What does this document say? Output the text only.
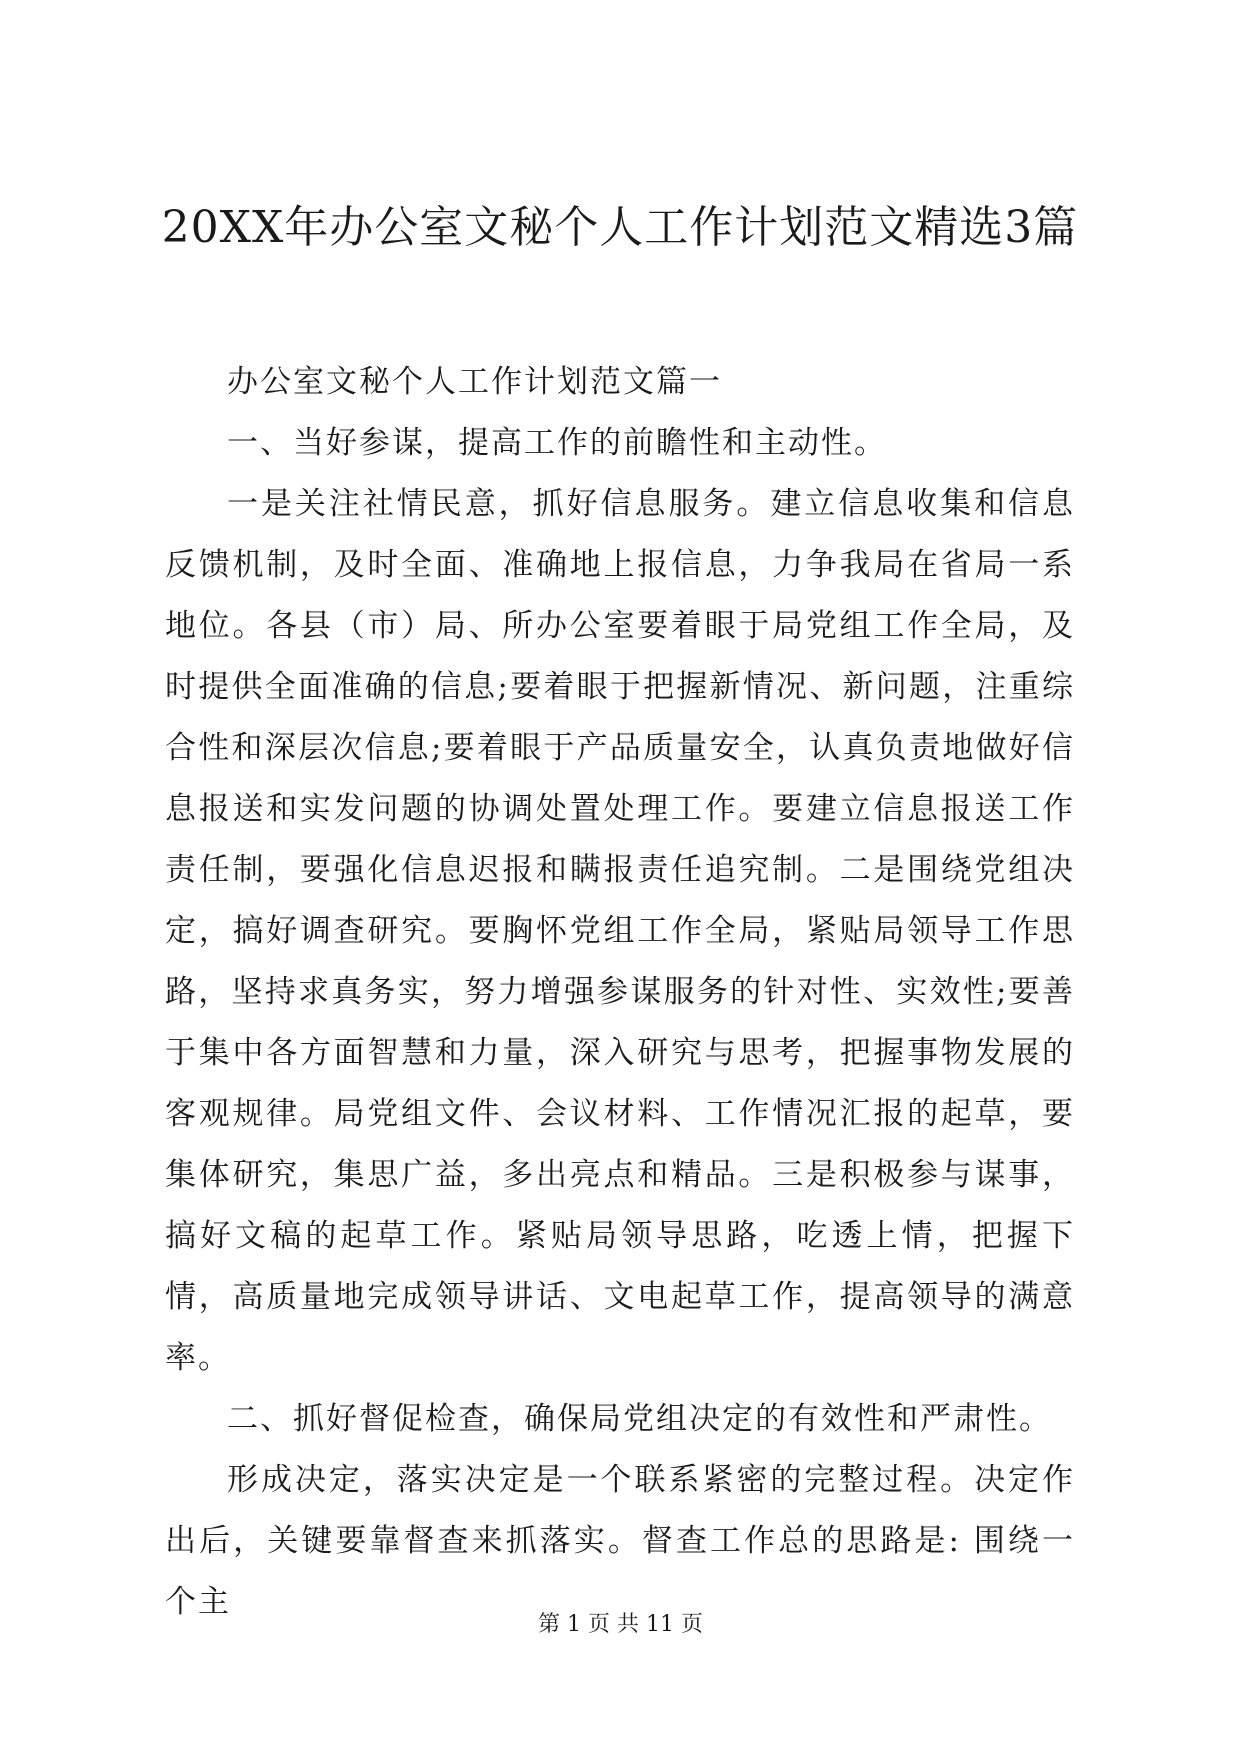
20XX年办公室文秘个人工作计划范文精选3篇

办公室文秘个人工作计划范文篇一

一、当好参谋，提高工作的前瞻性和主动性。

一是关注社情民意，抓好信息服务。建立信息收集和信息反馈机制，及时全面、准确地上报信息，力争我局在省局一系地位。各县（市）局、所办公室要着眼于局党组工作全局，及时提供全面准确的信息;要着眼于把握新情况、新问题，注重综合性和深层次信息;要着眼于产品质量安全，认真负责地做好信息报送和实发问题的协调处置处理工作。要建立信息报送工作责任制，要强化信息迟报和瞒报责任追究制。二是围绕党组决定，搞好调查研究。要胸怀党组工作全局，紧贴局领导工作思路，坚持求真务实，努力增强参谋服务的针对性、实效性;要善于集中各方面智慧和力量，深入研究与思考，把握事物发展的客观规律。局党组文件、会议材料、工作情况汇报的起草，要集体研究，集思广益，多出亮点和精品。三是积极参与谋事，搞好文稿的起草工作。紧贴局领导思路，吃透上情，把握下情，高质量地完成领导讲话、文电起草工作，提高领导的满意率。

二、抓好督促检查，确保局党组决定的有效性和严肃性。

形成决定，落实决定是一个联系紧密的完整过程。决定作出后，关键要靠督查来抓落实。督查工作总的思路是: 围绕一个主

第 1 页 共 11 页
